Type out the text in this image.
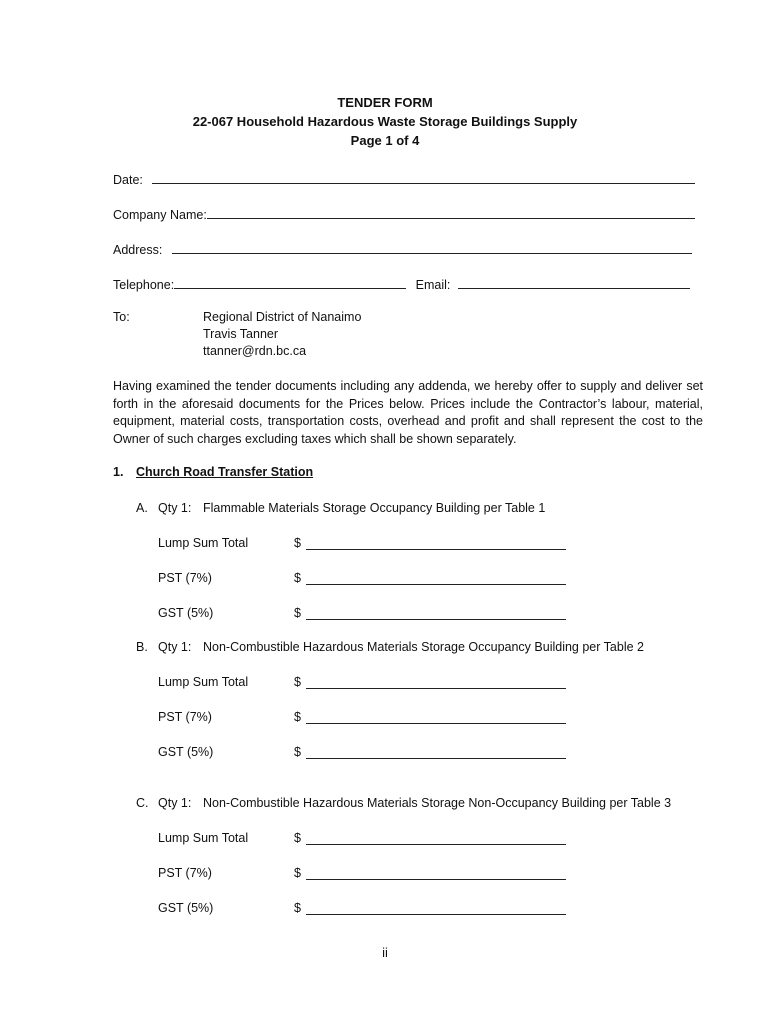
TENDER FORM
22-067 Household Hazardous Waste Storage Buildings Supply
Page 1 of 4
Date:
Company Name:
Address:
Telephone:	Email:
To:	Regional District of Nanaimo
Travis Tanner
ttanner@rdn.bc.ca
Having examined the tender documents including any addenda, we hereby offer to supply and deliver set forth in the aforesaid documents for the Prices below. Prices include the Contractor’s labour, material, equipment, material costs, transportation costs, overhead and profit and shall represent the cost to the Owner of such charges excluding taxes which shall be shown separately.
1. Church Road Transfer Station
A. Qty 1: Flammable Materials Storage Occupancy Building per Table 1
Lump Sum Total	$
PST (7%)	$
GST (5%)	$
B. Qty 1: Non-Combustible Hazardous Materials Storage Occupancy Building per Table 2
Lump Sum Total	$
PST (7%)	$
GST (5%)	$
C. Qty 1: Non-Combustible Hazardous Materials Storage Non-Occupancy Building per Table 3
Lump Sum Total	$
PST (7%)	$
GST (5%)	$
ii
